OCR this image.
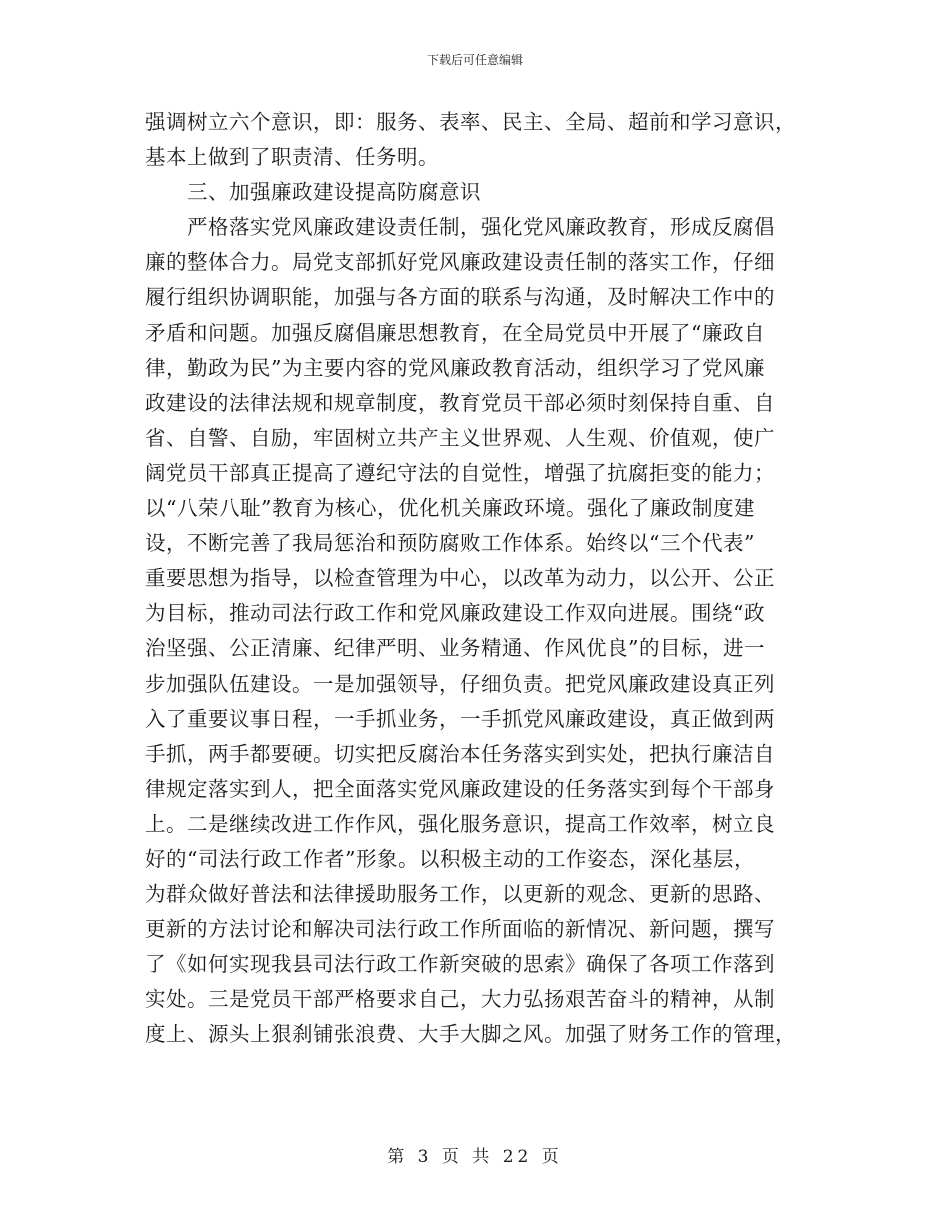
下载后可任意编辑
强调树立六个意识，即：服务、表率、民主、全局、超前和学习意识，
基本上做到了职责清、任务明。
　　三、加强廉政建设提高防腐意识
　　严格落实党风廉政建设责任制，强化党风廉政教育，形成反腐倡
廉的整体合力。局党支部抓好党风廉政建设责任制的落实工作，仔细
履行组织协调职能，加强与各方面的联系与沟通，及时解决工作中的
矛盾和问题。加强反腐倡廉思想教育，在全局党员中开展了“廉政自
律，勤政为民”为主要内容的党风廉政教育活动，组织学习了党风廉
政建设的法律法规和规章制度，教育党员干部必须时刻保持自重、自
省、自警、自励，牢固树立共产主义世界观、人生观、价值观，使广
阔党员干部真正提高了遵纪守法的自觉性，增强了抗腐拒变的能力；
以“八荣八耻”教育为核心，优化机关廉政环境。强化了廉政制度建
设，不断完善了我局惩治和预防腐败工作体系。始终以“三个代表”
重要思想为指导，以检查管理为中心，以改革为动力，以公开、公正
为目标，推动司法行政工作和党风廉政建设工作双向进展。围绕“政
治坚强、公正清廉、纪律严明、业务精通、作风优良”的目标，进一
步加强队伍建设。一是加强领导，仔细负责。把党风廉政建设真正列
入了重要议事日程，一手抓业务，一手抓党风廉政建设，真正做到两
手抓，两手都要硬。切实把反腐治本任务落实到实处，把执行廉洁自
律规定落实到人，把全面落实党风廉政建设的任务落实到每个干部身
上。二是继续改进工作作风，强化服务意识，提高工作效率，树立良
好的“司法行政工作者”形象。以积极主动的工作姿态，深化基层，
为群众做好普法和法律援助服务工作，以更新的观念、更新的思路、
更新的方法讨论和解决司法行政工作所面临的新情况、新问题，撰写
了《如何实现我县司法行政工作新突破的思索》确保了各项工作落到
实处。三是党员干部严格要求自己，大力弘扬艰苦奋斗的精神，从制
度上、源头上狠刹铺张浪费、大手大脚之风。加强了财务工作的管理，
第 3 页 共 22 页
